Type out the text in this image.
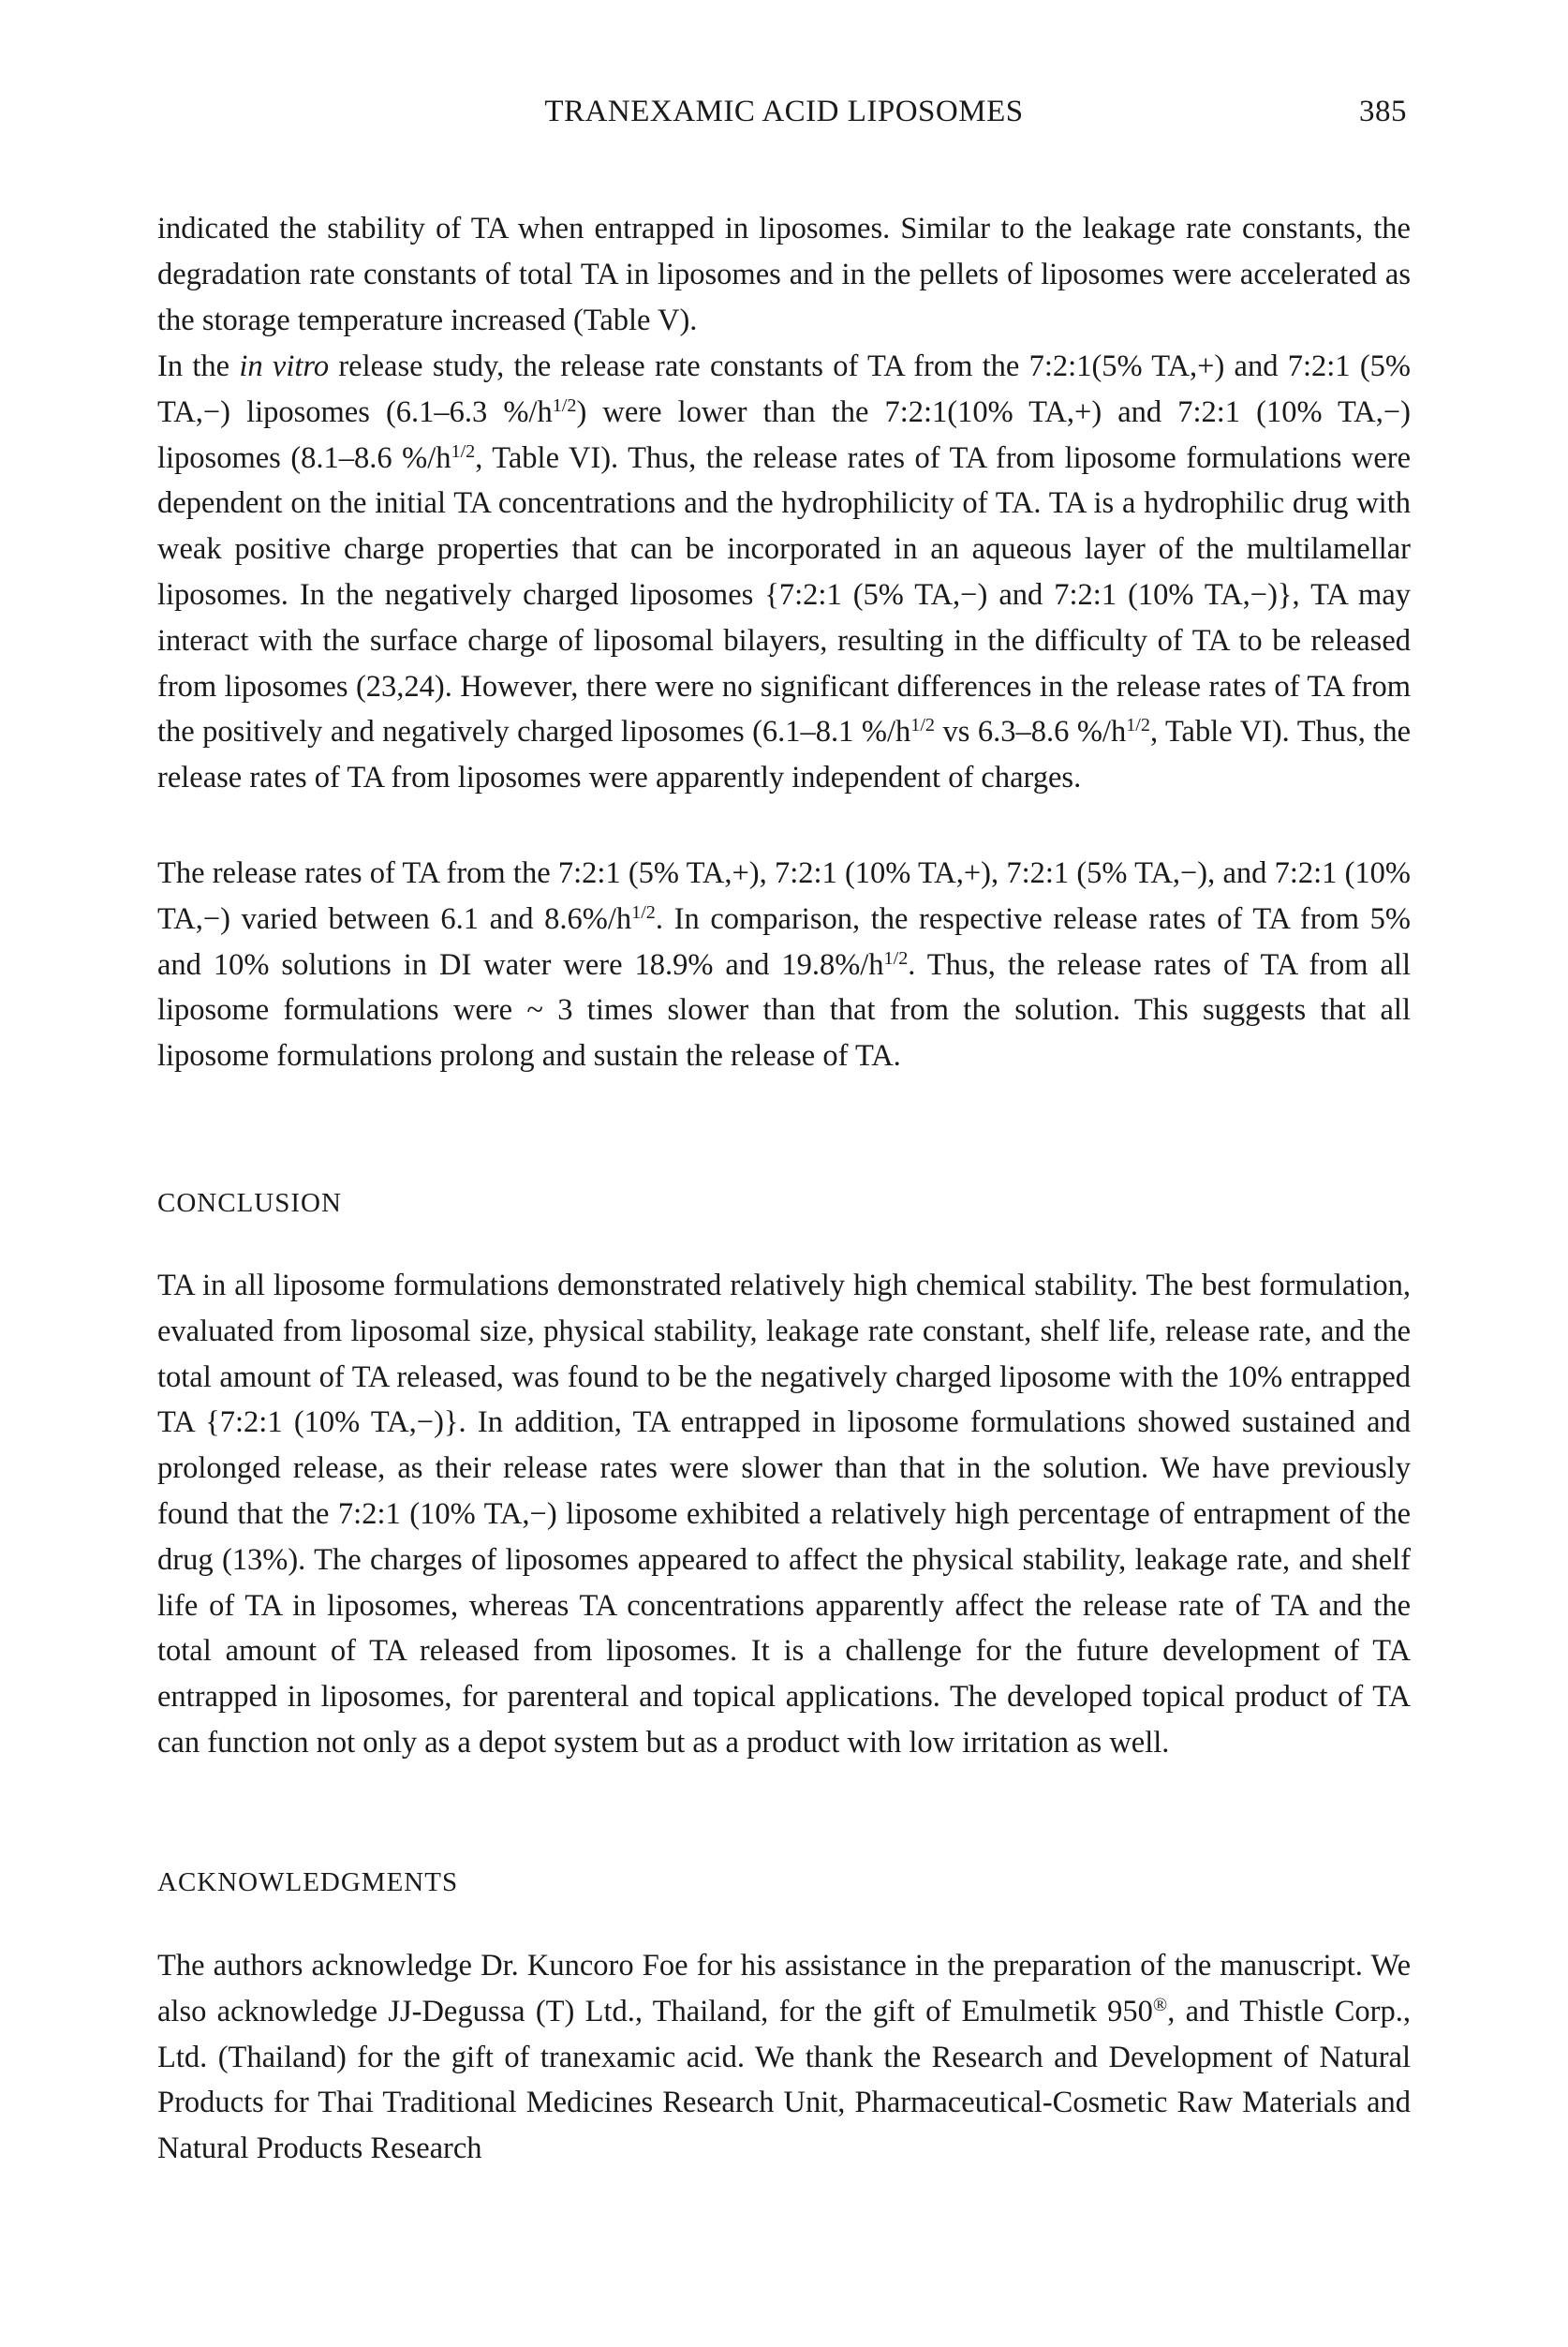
TRANEXAMIC ACID LIPOSOMES	385

indicated the stability of TA when entrapped in liposomes. Similar to the leakage rate constants, the degradation rate constants of total TA in liposomes and in the pellets of liposomes were accelerated as the storage temperature increased (Table V).

In the in vitro release study, the release rate constants of TA from the 7:2:1(5% TA,+) and 7:2:1 (5% TA,−) liposomes (6.1–6.3 $\%/h^{1/2}$) were lower than the 7:2:1(10% TA,+) and 7:2:1 (10% TA,−) liposomes (8.1–8.6 $\%/h^{1/2}$, Table VI). Thus, the release rates of TA from liposome formulations were dependent on the initial TA concentrations and the hydrophilicity of TA. TA is a hydrophilic drug with weak positive charge properties that can be incorporated in an aqueous layer of the multilamellar liposomes. In the negatively charged liposomes {7:2:1 (5% TA,−) and 7:2:1 (10% TA,−)}, TA may interact with the surface charge of liposomal bilayers, resulting in the difficulty of TA to be released from liposomes (23,24). However, there were no significant differences in the release rates of TA from the positively and negatively charged liposomes (6.1–8.1 $\%/h^{1/2}$ vs 6.3–8.6 $\%/h^{1/2}$, Table VI). Thus, the release rates of TA from liposomes were apparently independent of charges.

The release rates of TA from the 7:2:1 (5% TA,+), 7:2:1 (10% TA,+), 7:2:1 (5% TA,−), and 7:2:1 (10% TA,−) varied between 6.1 and $8.6\%/h^{1/2}$. In comparison, the respective release rates of TA from 5% and 10% solutions in DI water were 18.9% and $19.8\%/h^{1/2}$. Thus, the release rates of TA from all liposome formulations were ~ 3 times slower than that from the solution. This suggests that all liposome formulations prolong and sustain the release of TA.

CONCLUSION

TA in all liposome formulations demonstrated relatively high chemical stability. The best formulation, evaluated from liposomal size, physical stability, leakage rate constant, shelf life, release rate, and the total amount of TA released, was found to be the negatively charged liposome with the 10% entrapped TA {7:2:1 (10% TA,−)}. In addition, TA entrapped in liposome formulations showed sustained and prolonged release, as their release rates were slower than that in the solution. We have previously found that the 7:2:1 (10% TA,−) liposome exhibited a relatively high percentage of entrapment of the drug (13%). The charges of liposomes appeared to affect the physical stability, leakage rate, and shelf life of TA in liposomes, whereas TA concentrations apparently affect the release rate of TA and the total amount of TA released from liposomes. It is a challenge for the future development of TA entrapped in liposomes, for parenteral and topical applications. The developed topical product of TA can function not only as a depot system but as a product with low irritation as well.

ACKNOWLEDGMENTS

The authors acknowledge Dr. Kuncoro Foe for his assistance in the preparation of the manuscript. We also acknowledge JJ-Degussa (T) Ltd., Thailand, for the gift of Emulmetik 950®, and Thistle Corp., Ltd. (Thailand) for the gift of tranexamic acid. We thank the Research and Development of Natural Products for Thai Traditional Medicines Research Unit, Pharmaceutical-Cosmetic Raw Materials and Natural Products Research
